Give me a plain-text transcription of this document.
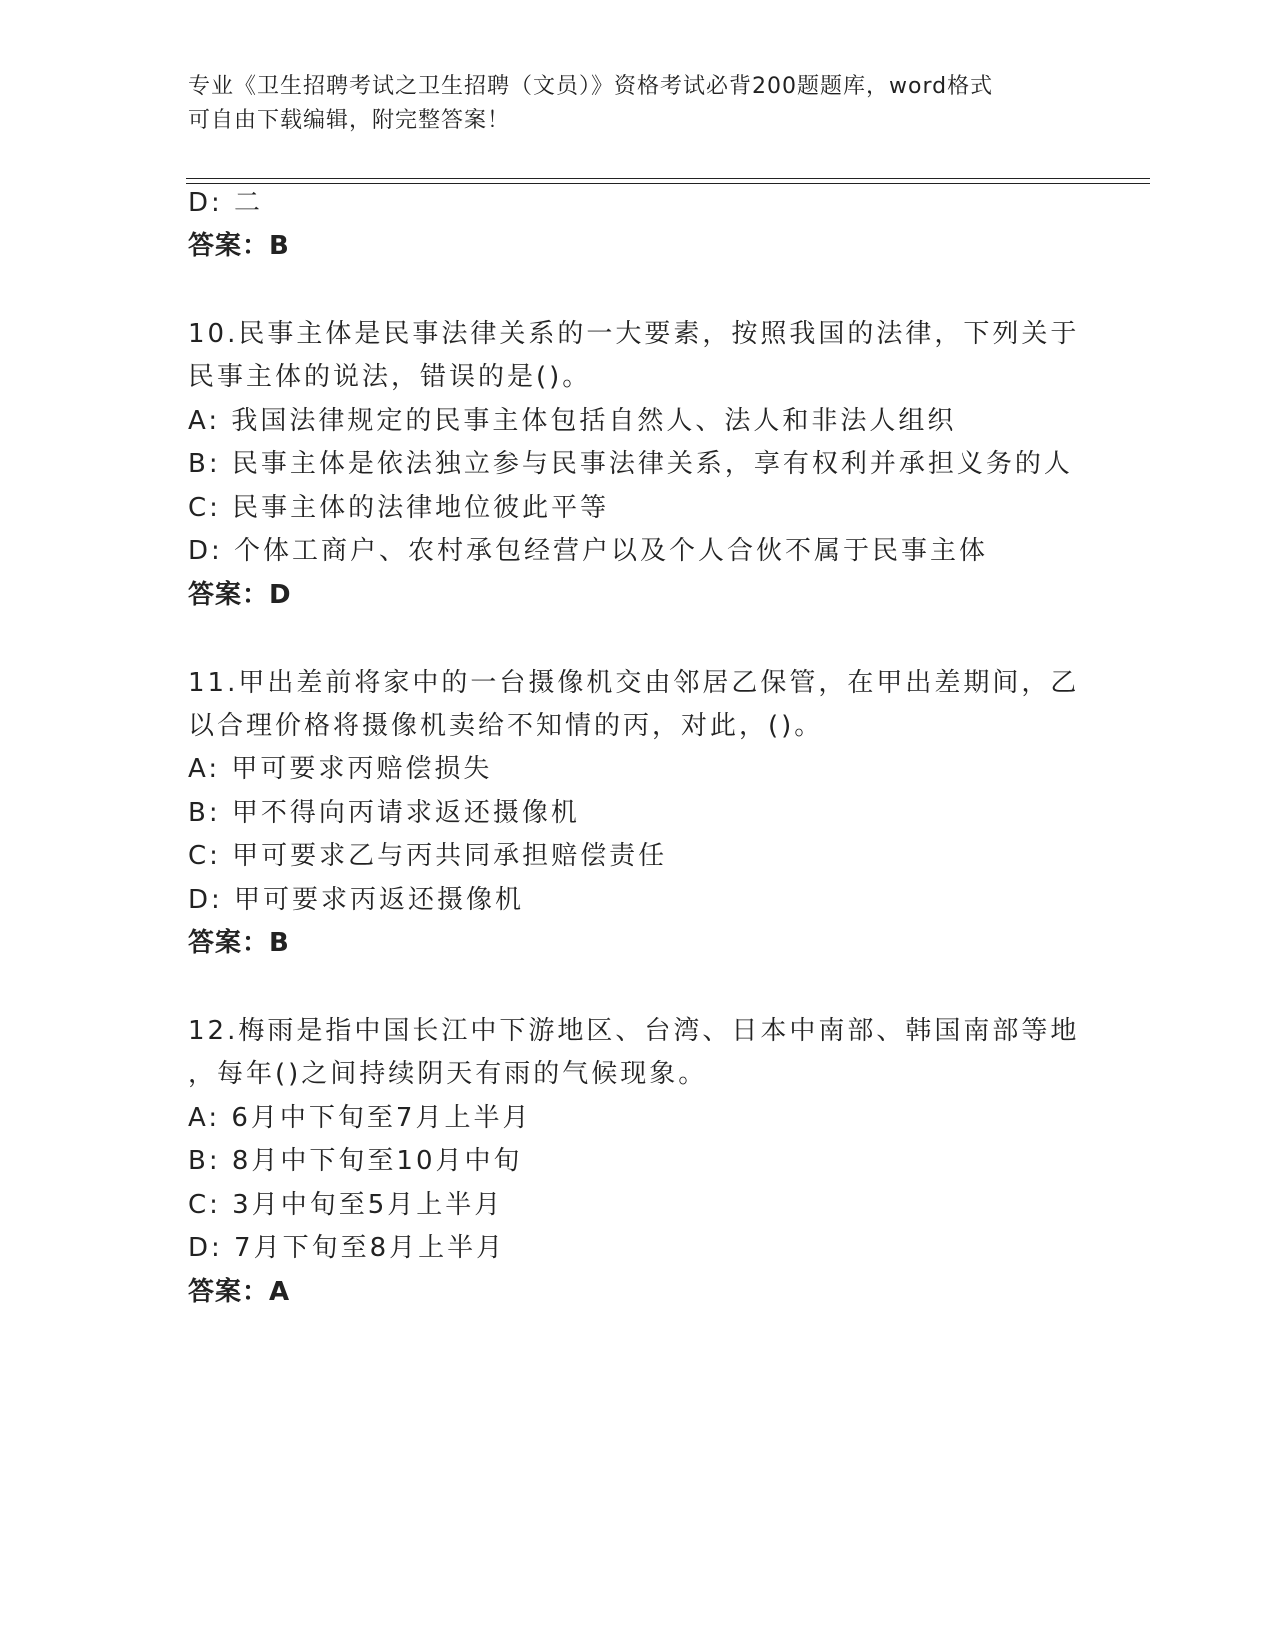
专业《卫生招聘考试之卫生招聘（文员）》资格考试必背200题题库，word格式
可自由下载编辑，附完整答案！
D: 二
答案：B
10.民事主体是民事法律关系的一大要素，按照我国的法律，下列关于
民事主体的说法，错误的是()。
A: 我国法律规定的民事主体包括自然人、法人和非法人组织
B: 民事主体是依法独立参与民事法律关系，享有权利并承担义务的人
C: 民事主体的法律地位彼此平等
D: 个体工商户、农村承包经营户以及个人合伙不属于民事主体
答案：D
11.甲出差前将家中的一台摄像机交由邻居乙保管，在甲出差期间，乙
以合理价格将摄像机卖给不知情的丙，对此，()。
A: 甲可要求丙赔偿损失
B: 甲不得向丙请求返还摄像机
C: 甲可要求乙与丙共同承担赔偿责任
D: 甲可要求丙返还摄像机
答案：B
12.梅雨是指中国长江中下游地区、台湾、日本中南部、韩国南部等地
，每年()之间持续阴天有雨的气候现象。
A: 6月中下旬至7月上半月
B: 8月中下旬至10月中旬
C: 3月中旬至5月上半月
D: 7月下旬至8月上半月
答案：A
